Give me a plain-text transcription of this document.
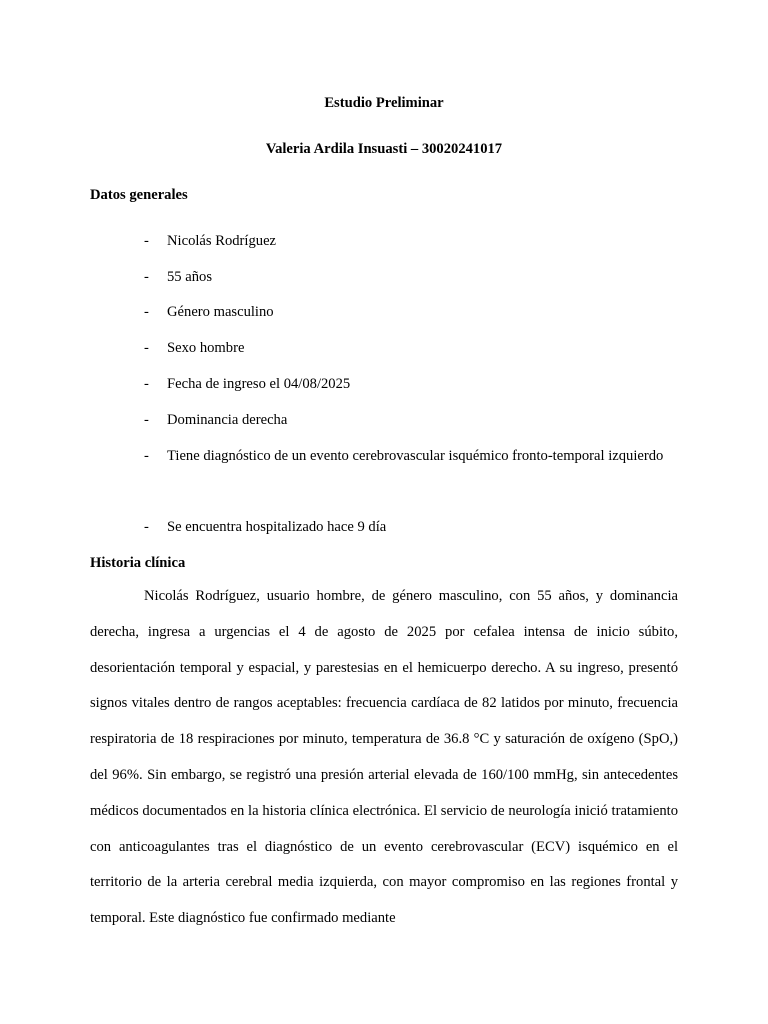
Estudio Preliminar
Valeria Ardila Insuasti – 30020241017
Datos generales
- Nicolás Rodríguez
- 55 años
- Género masculino
- Sexo hombre
- Fecha de ingreso el 04/08/2025
- Dominancia derecha
- Tiene diagnóstico de un evento cerebrovascular isquémico fronto-temporal izquierdo
- Se encuentra hospitalizado hace 9 día
Historia clínica
Nicolás Rodríguez, usuario hombre, de género masculino, con 55 años, y dominancia derecha, ingresa a urgencias el 4 de agosto de 2025 por cefalea intensa de inicio súbito, desorientación temporal y espacial, y parestesias en el hemicuerpo derecho. A su ingreso, presentó signos vitales dentro de rangos aceptables: frecuencia cardíaca de 82 latidos por minuto, frecuencia respiratoria de 18 respiraciones por minuto, temperatura de 36.8 °C y saturación de oxígeno (SpO,) del 96%. Sin embargo, se registró una presión arterial elevada de 160/100 mmHg, sin antecedentes médicos documentados en la historia clínica electrónica. El servicio de neurología inició tratamiento con anticoagulantes tras el diagnóstico de un evento cerebrovascular (ECV) isquémico en el territorio de la arteria cerebral media izquierda, con mayor compromiso en las regiones frontal y temporal. Este diagnóstico fue confirmado mediante
